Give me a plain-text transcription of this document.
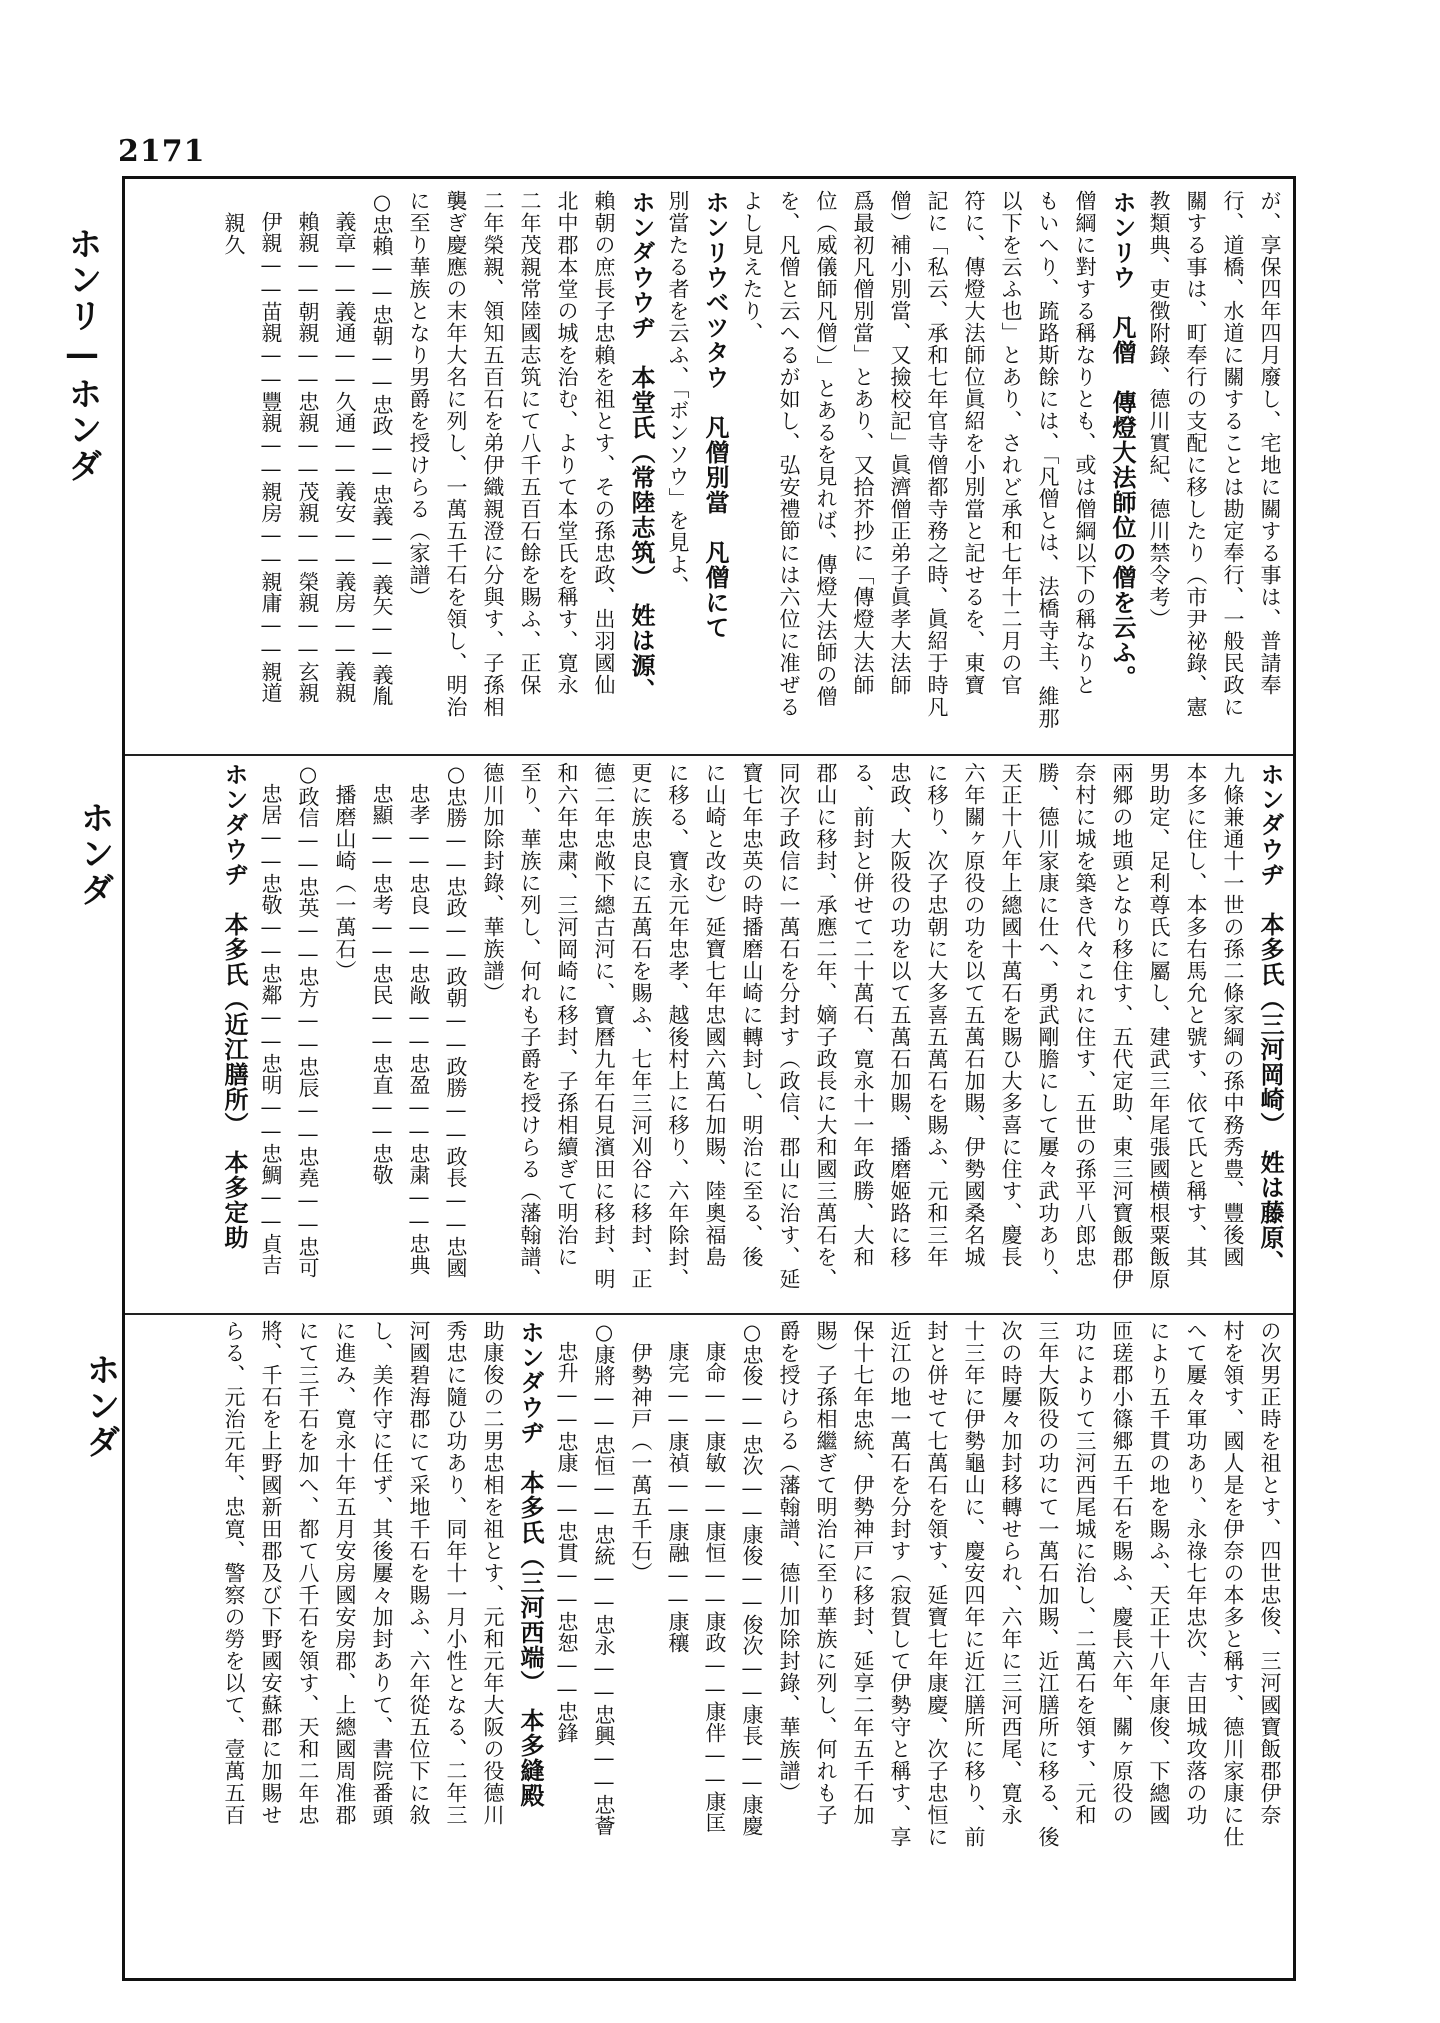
2171
ホンリ—ホンダ
ホンダ
ホンダ
が、享保四年四月廢し、宅地に關する事は、普請奉
行、道橋、水道に關することは勘定奉行、一般民政に
關する事は、町奉行の支配に移したり（市尹祕錄、憲
教類典、吏徴附錄、德川實紀、德川禁令考）
ホンリウ　凡僧　傳燈大法師位の僧を云ふ。
僧綱に對する稱なりとも、或は僧綱以下の稱なりと
もいへり、䟽路斯餘には、「凡僧とは、法橋寺主、維那
以下を云ふ也」とあり、されど承和七年十二月の官
符に、傳燈大法師位眞紹を小別當と記せるを、東寶
記に「私云、承和七年官寺僧都寺務之時、眞紹于時凡
僧）補小別當、又撿校記」眞濟僧正弟子眞孝大法師
爲最初凡僧別當」とあり、又拾芥抄に「傳燈大法師
位（威儀師凡僧）」とあるを見れば、傳燈大法師の僧
を、凡僧と云へるが如し、弘安禮節には六位に准ぜる
よし見えたり、
ホンリウベツタウ　凡僧別當　凡僧にて
別當たる者を云ふ、「ボンソウ」を見よ、
ホンダウウヂ　本堂氏（常陸志筑）　姓は源、
賴朝の庶長子忠賴を祖とす、その孫忠政、出羽國仙
北中郡本堂の城を治む、よりて本堂氏を稱す、寛永
二年茂親常陸國志筑にて八千五百石餘を賜ふ、正保
二年榮親、領知五百石を弟伊織親澄に分與す、子孫相
襲ぎ慶應の末年大名に列し、一萬五千石を領し、明治
に至り華族となり男爵を授けらる（家譜）
○忠賴——忠朝——忠政——忠義——義矢——義胤
　義章——義通——久通——義安——義房——義親
　賴親——朝親——忠親——茂親——榮親——玄親
　伊親——苗親——豐親——親房——親庸——親道
　親久
ホンダウヂ　本多氏（三河岡崎）　姓は藤原、
九條兼通十一世の孫二條家綱の孫中務秀豊、豐後國
本多に住し、本多右馬允と號す、依て氏と稱す、其
男助定、足利尊氏に屬し、建武三年尾張國横根粟飯原
兩郷の地頭となり移住す、五代定助、東三河寶飯郡伊
奈村に城を築き代々これに住す、五世の孫平八郎忠
勝、德川家康に仕へ、勇武剛膽にして屢々武功あり、
天正十八年上總國十萬石を賜ひ大多喜に住す、慶長
六年關ヶ原役の功を以て五萬石加賜、伊勢國桑名城
に移り、次子忠朝に大多喜五萬石を賜ふ、元和三年
忠政、大阪役の功を以て五萬石加賜、播磨姬路に移
る、前封と併せて二十萬石、寛永十一年政勝、大和
郡山に移封、承應二年、嫡子政長に大和國三萬石を、
同次子政信に一萬石を分封す（政信、郡山に治す、延
寶七年忠英の時播磨山崎に轉封し、明治に至る、後
に山崎と改む）延寶七年忠國六萬石加賜、陸奧福島
に移る、寶永元年忠孝、越後村上に移り、六年除封、
更に族忠良に五萬石を賜ふ、七年三河刈谷に移封、正
德二年忠敞下總古河に、寶曆九年石見濱田に移封、明
和六年忠粛、三河岡崎に移封、子孫相續ぎて明治に
至り、華族に列し、何れも子爵を授けらる（藩翰譜、
德川加除封錄、華族譜）
○忠勝——忠政——政朝——政勝——政長——忠國
　忠孝——忠良——忠敞——忠盈——忠粛——忠典
　忠顯——忠考——忠民——忠直——忠敬
　播磨山崎（一萬石）
○政信——忠英——忠方——忠辰——忠堯——忠可
　忠居——忠敬——忠鄰——忠明——忠鯛——貞吉
ホンダウヂ　本多氏（近江膳所）　本多定助
の次男正時を祖とす、四世忠俊、三河國寶飯郡伊奈
村を領す、國人是を伊奈の本多と稱す、德川家康に仕
へて屢々軍功あり、永祿七年忠次、吉田城攻落の功
により五千貫の地を賜ふ、天正十八年康俊、下總國
匝瑳郡小篠郷五千石を賜ふ、慶長六年、關ヶ原役の
功によりて三河西尾城に治し、二萬石を領す、元和
三年大阪役の功にて一萬石加賜、近江膳所に移る、後
次の時屢々加封移轉せられ、六年に三河西尾、寛永
十三年に伊勢龜山に、慶安四年に近江膳所に移り、前
封と併せて七萬石を領す、延寶七年康慶、次子忠恒に
近江の地一萬石を分封す（寂賀して伊勢守と稱す、享
保十七年忠統、伊勢神戸に移封、延享二年五千石加
賜）子孫相繼ぎて明治に至り華族に列し、何れも子
爵を授けらる（藩翰譜、德川加除封錄、華族譜）
○忠俊——忠次——康俊——俊次——康長——康慶
　康命——康敏——康恒——康政——康伴——康匡
　康完——康禎——康融——康穰
　伊勢神戸（一萬五千石）
○康將——忠恒——忠統——忠永——忠興——忠薈
　忠升——忠康——忠貫——忠恕——忠鋒
ホンダウヂ　本多氏（三河西端）　本多縫殿
助康俊の二男忠相を祖とす、元和元年大阪の役德川
秀忠に隨ひ功あり、同年十一月小性となる、二年三
河國碧海郡にて采地千石を賜ふ、六年從五位下に敘
し、美作守に任ず、其後屢々加封ありて、書院番頭
に進み、寛永十年五月安房國安房郡、上總國周准郡
にて三千石を加へ、都て八千石を領す、天和二年忠
將、千石を上野國新田郡及び下野國安蘇郡に加賜せ
らる、元治元年、忠寛、警察の勞を以て、壹萬五百
